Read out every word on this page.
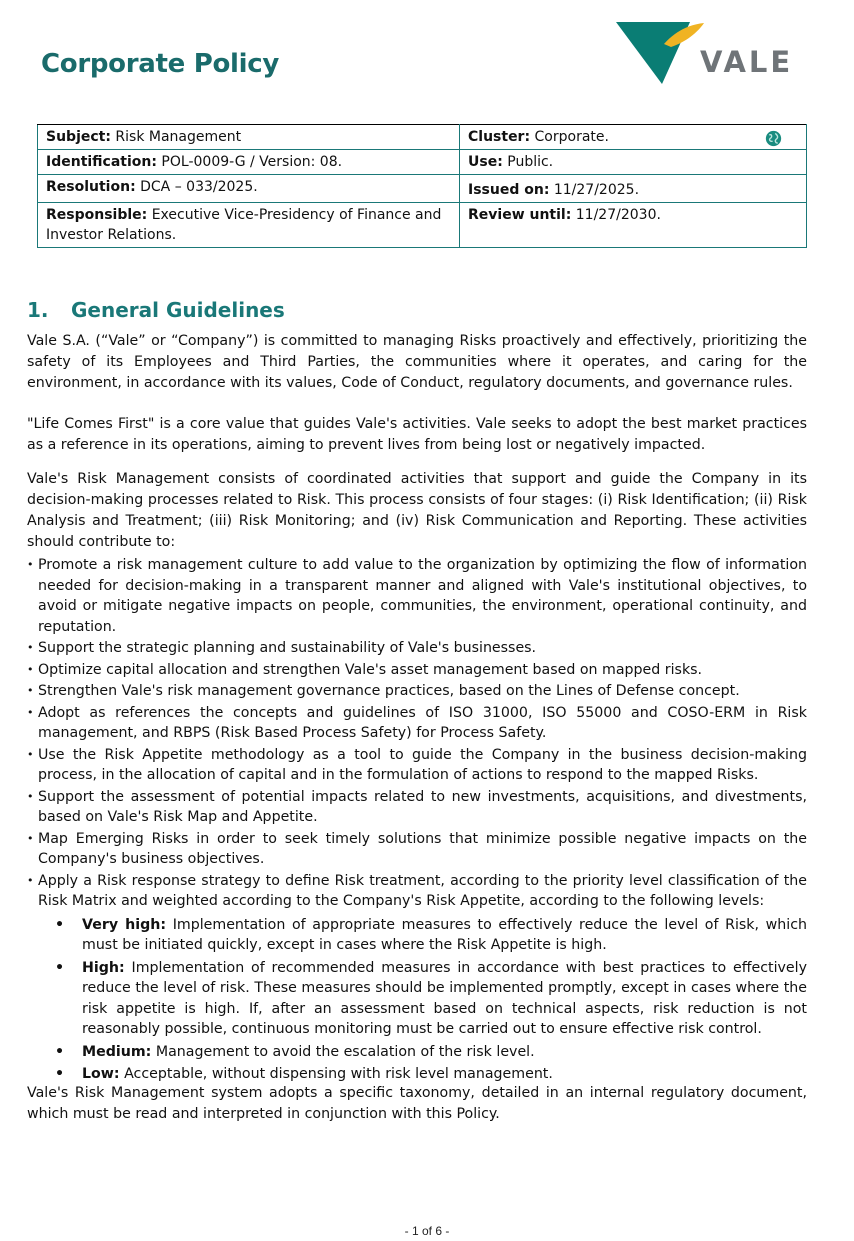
Corporate Policy	VALE
Subject: Risk Management	Cluster: Corporate.

Identification: POL-0009-G / Version: 08.	Use: Public.
Resolution: DCA – 033/2025.	Issued on: 11/27/2025.
Responsible: Executive Vice-Presidency of Finance and Investor Relations.	Review until: 11/27/2030.
1. General Guidelines
Vale S.A. (“Vale” or “Company”) is committed to managing Risks proactively and effectively, prioritizing the safety of its Employees and Third Parties, the communities where it operates, and caring for the environment, in accordance with its values, Code of Conduct, regulatory documents, and governance rules.
"Life Comes First" is a core value that guides Vale's activities. Vale seeks to adopt the best market practices as a reference in its operations, aiming to prevent lives from being lost or negatively impacted.
Vale's Risk Management consists of coordinated activities that support and guide the Company in its decision-making processes related to Risk. This process consists of four stages: (i) Risk Identification; (ii) Risk Analysis and Treatment; (iii) Risk Monitoring; and (iv) Risk Communication and Reporting. These activities should contribute to:
• Promote a risk management culture to add value to the organization by optimizing the flow of information needed for decision-making in a transparent manner and aligned with Vale's institutional objectives, to avoid or mitigate negative impacts on people, communities, the environment, operational continuity, and reputation.
• Support the strategic planning and sustainability of Vale's businesses.
• Optimize capital allocation and strengthen Vale's asset management based on mapped risks.
• Strengthen Vale's risk management governance practices, based on the Lines of Defense concept.
• Adopt as references the concepts and guidelines of ISO 31000, ISO 55000 and COSO-ERM in Risk management, and RBPS (Risk Based Process Safety) for Process Safety.
• Use the Risk Appetite methodology as a tool to guide the Company in the business decision-making process, in the allocation of capital and in the formulation of actions to respond to the mapped Risks.
• Support the assessment of potential impacts related to new investments, acquisitions, and divestments, based on Vale's Risk Map and Appetite.
• Map Emerging Risks in order to seek timely solutions that minimize possible negative impacts on the Company's business objectives.
• Apply a Risk response strategy to define Risk treatment, according to the priority level classification of the Risk Matrix and weighted according to the Company's Risk Appetite, according to the following levels:
• Very high: Implementation of appropriate measures to effectively reduce the level of Risk, which must be initiated quickly, except in cases where the Risk Appetite is high.
• High: Implementation of recommended measures in accordance with best practices to effectively reduce the level of risk. These measures should be implemented promptly, except in cases where the risk appetite is high. If, after an assessment based on technical aspects, risk reduction is not reasonably possible, continuous monitoring must be carried out to ensure effective risk control.
• Medium: Management to avoid the escalation of the risk level.
• Low: Acceptable, without dispensing with risk level management.
Vale's Risk Management system adopts a specific taxonomy, detailed in an internal regulatory document, which must be read and interpreted in conjunction with this Policy.
- 1 of 6 -
